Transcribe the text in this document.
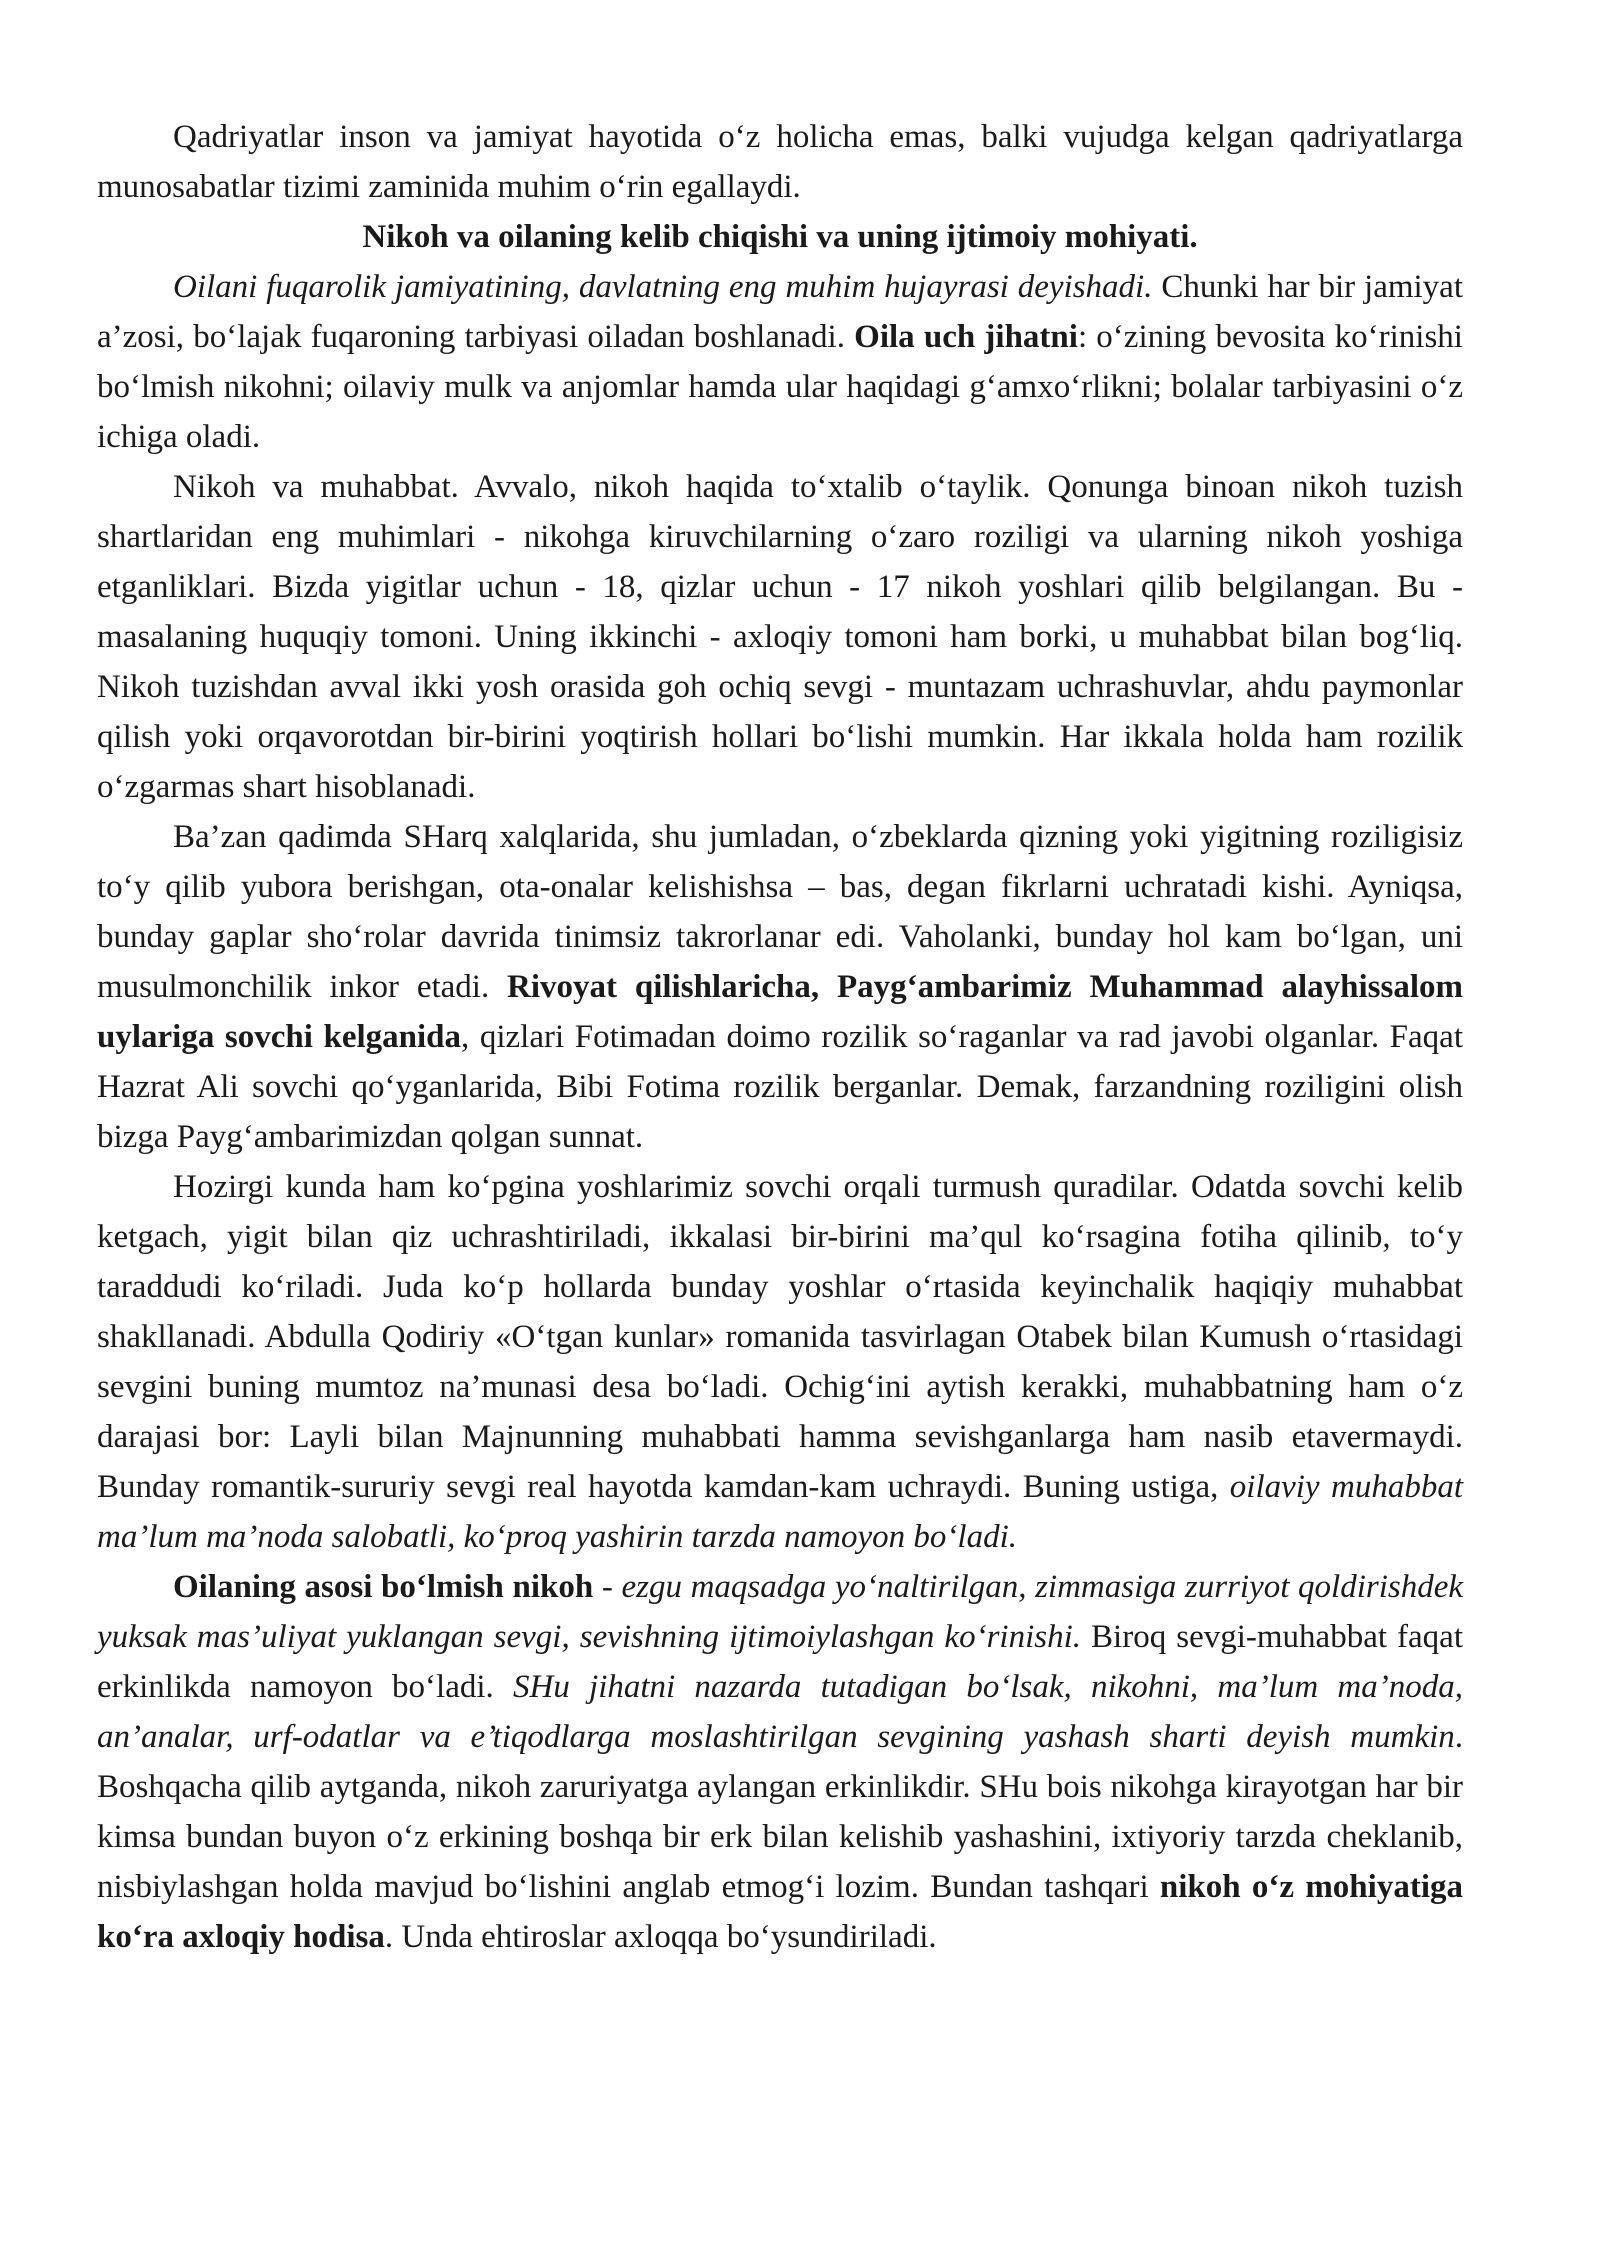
Qadriyatlar inson va jamiyat hayotida o‘z holicha emas, balki vujudga kelgan qadriyatlarga munosabatlar tizimi zaminida muhim o‘rin egallaydi.

Nikoh va oilaning kelib chiqishi va uning ijtimoiy mohiyati.

Oilani fuqarolik jamiyatining, davlatning eng muhim hujayrasi deyishadi. Chunki har bir jamiyat a’zosi, bo‘lajak fuqaroning tarbiyasi oiladan boshlanadi. Oila uch jihatni: o‘zining bevosita ko‘rinishi bo‘lmish nikohni; oilaviy mulk va anjomlar hamda ular haqidagi g‘amxo‘rlikni; bolalar tarbiyasini o‘z ichiga oladi.

Nikoh va muhabbat. Avvalo, nikoh haqida to‘xtalib o‘taylik. Qonunga binoan nikoh tuzish shartlaridan eng muhimlari - nikohga kiruvchilarning o‘zaro roziligi va ularning nikoh yoshiga etganliklari. Bizda yigitlar uchun - 18, qizlar uchun - 17 nikoh yoshlari qilib belgilangan. Bu - masalaning huquqiy tomoni. Uning ikkinchi - axloqiy tomoni ham borki, u muhabbat bilan bog‘liq. Nikoh tuzishdan avval ikki yosh orasida goh ochiq sevgi - muntazam uchrashuvlar, ahdu paymonlar qilish yoki orqavorotdan bir-birini yoqtirish hollari bo‘lishi mumkin. Har ikkala holda ham rozilik o‘zgarmas shart hisoblanadi.

Ba’zan qadimda SHarq xalqlarida, shu jumladan, o‘zbeklarda qizning yoki yigitning roziligisiz to‘y qilib yubora berishgan, ota-onalar kelishishsa – bas, degan fikrlarni uchratadi kishi. Ayniqsa, bunday gaplar sho‘rolar davrida tinimsiz takrorlanar edi. Vaholanki, bunday hol kam bo‘lgan, uni musulmonchilik inkor etadi. Rivoyat qilishlaricha, Payg‘ambarimiz Muhammad alayhissalom uylariga sovchi kelganida, qizlari Fotimadan doimo rozilik so‘raganlar va rad javobi olganlar. Faqat Hazrat Ali sovchi qo‘yganlarida, Bibi Fotima rozilik berganlar. Demak, farzandning roziligini olish bizga Payg‘ambarimizdan qolgan sunnat.

Hozirgi kunda ham ko‘pgina yoshlarimiz sovchi orqali turmush quradilar. Odatda sovchi kelib ketgach, yigit bilan qiz uchrashtiriladi, ikkalasi bir-birini ma’qul ko‘rsagina fotiha qilinib, to‘y taraddudi ko‘riladi. Juda ko‘p hollarda bunday yoshlar o‘rtasida keyinchalik haqiqiy muhabbat shakllanadi. Abdulla Qodiriy «O‘tgan kunlar» romanida tasvirlagan Otabek bilan Kumush o‘rtasidagi sevgini buning mumtoz na’munasi desa bo‘ladi. Ochig‘ini aytish kerakki, muhabbatning ham o‘z darajasi bor: Layli bilan Majnunning muhabbati hamma sevishganlarga ham nasib etavermaydi. Bunday romantik-sururiy sevgi real hayotda kamdan-kam uchraydi. Buning ustiga, oilaviy muhabbat ma’lum ma’noda salobatli, ko‘proq yashirin tarzda namoyon bo‘ladi.

Oilaning asosi bo‘lmish nikoh - ezgu maqsadga yo‘naltirilgan, zimmasiga zurriyot qoldirishdek yuksak mas’uliyat yuklangan sevgi, sevishning ijtimoiylashgan ko‘rinishi. Biroq sevgi-muhabbat faqat erkinlikda namoyon bo‘ladi. SHu jihatni nazarda tutadigan bo‘lsak, nikohni, ma’lum ma’noda, an’analar, urf-odatlar va e’tiqodlarga moslashtirilgan sevgining yashash sharti deyish mumkin. Boshqacha qilib aytganda, nikoh zaruriyatga aylangan erkinlikdir. SHu bois nikohga kirayotgan har bir kimsa bundan buyon o‘z erkining boshqa bir erk bilan kelishib yashashini, ixtiyoriy tarzda cheklanib, nisbiylashgan holda mavjud bo‘lishini anglab etmog‘i lozim. Bundan tashqari nikoh o‘z mohiyatiga ko‘ra axloqiy hodisa. Unda ehtiroslar axloqqa bo‘ysundiriladi.
